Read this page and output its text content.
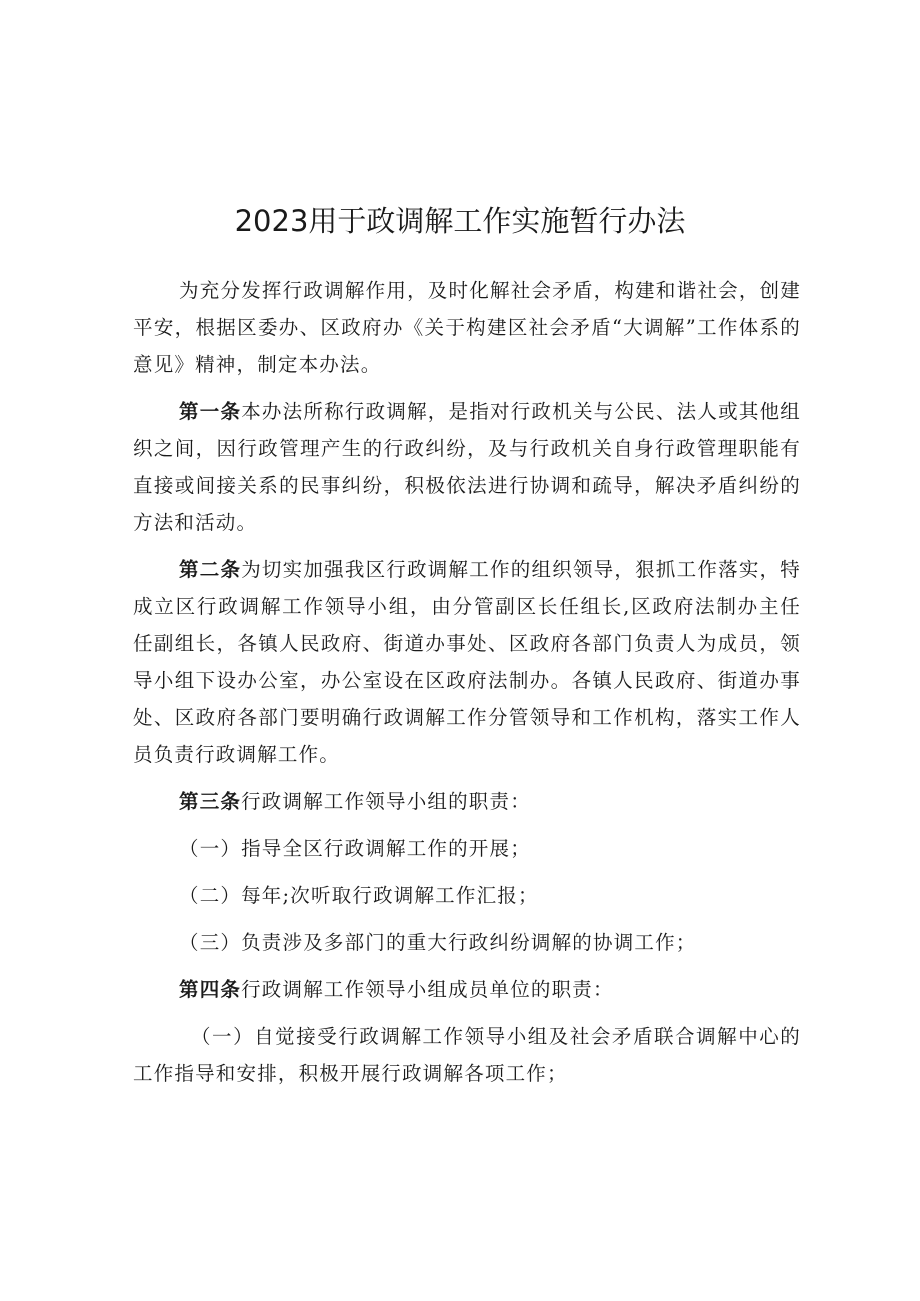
2023用于政调解工作实施暂行办法

为充分发挥行政调解作用，及时化解社会矛盾，构建和谐社会，创建平安，根据区委办、区政府办《关于构建区社会矛盾“大调解”工作体系的意见》精神，制定本办法。

第一条本办法所称行政调解，是指对行政机关与公民、法人或其他组织之间，因行政管理产生的行政纠纷，及与行政机关自身行政管理职能有直接或间接关系的民事纠纷，积极依法进行协调和疏导，解决矛盾纠纷的方法和活动。

第二条为切实加强我区行政调解工作的组织领导，狠抓工作落实，特成立区行政调解工作领导小组，由分管副区长任组长,区政府法制办主任任副组长，各镇人民政府、街道办事处、区政府各部门负责人为成员，领导小组下设办公室，办公室设在区政府法制办。各镇人民政府、街道办事处、区政府各部门要明确行政调解工作分管领导和工作机构，落实工作人员负责行政调解工作。

第三条行政调解工作领导小组的职责：

（一）指导全区行政调解工作的开展；

（二）每年;次听取行政调解工作汇报；

（三）负责涉及多部门的重大行政纠纷调解的协调工作；

第四条行政调解工作领导小组成员单位的职责：

（一）自觉接受行政调解工作领导小组及社会矛盾联合调解中心的工作指导和安排，积极开展行政调解各项工作；
